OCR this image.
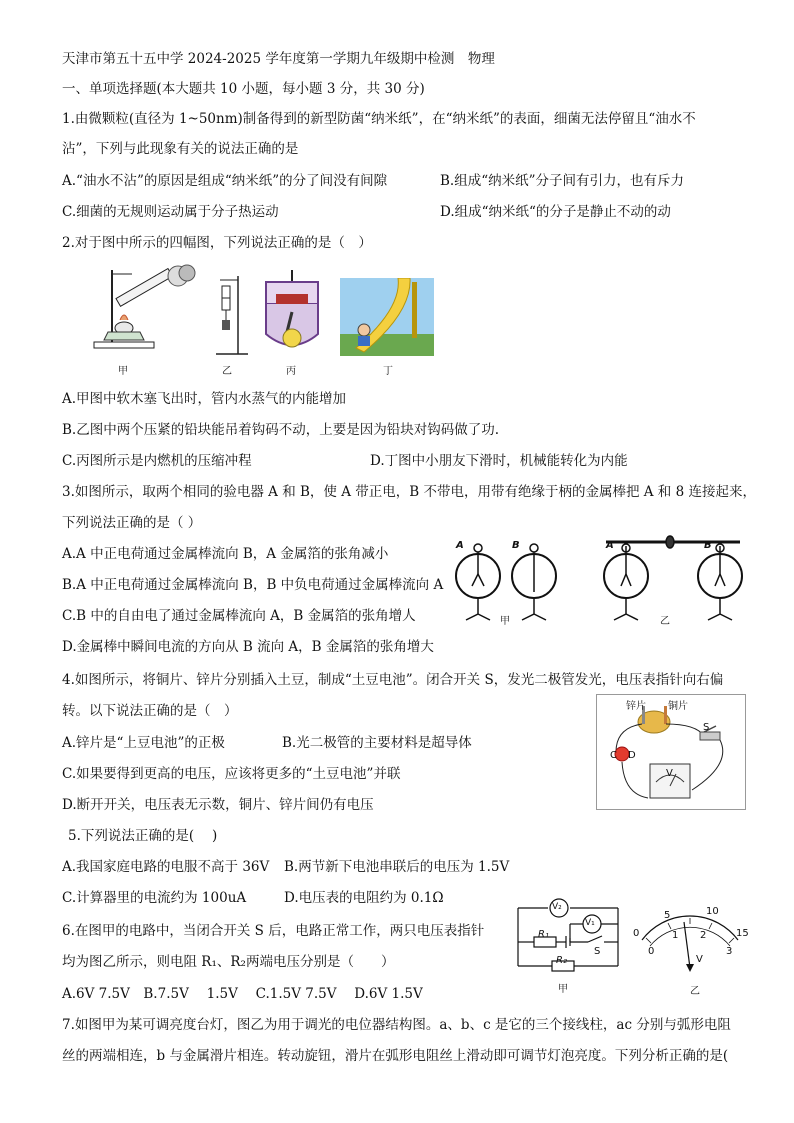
天津市第五十五中学 2024-2025 学年度第一学期九年级期中检测　物理
一、单项选择题(本大题共 10 小题，每小题 3 分，共 30 分)
1.由微颗粒(直径为 1~50nm)制备得到的新型防菌“纳米纸”，在“纳米纸”的表面，细菌无法停留且“油水不
沾”，下列与此现象有关的说法正确的是
A.“油水不沾”的原因是组成“纳米纸”的分了间没有间隙	B.组成“纳米纸”分子间有引力，也有斥力
C.细菌的无规则运动属于分子热运动	D.组成“纳米纸“的分子是静止不动的动
2.对于图中所示的四幅图，下列说法正确的是（　）
甲	乙	丙	丁
A.甲图中软木塞飞出时，管内水蒸气的内能增加
B.乙图中两个压紧的铅块能吊着钩码不动，上要是因为铅块对钩码做了功.
C.丙图所示是内燃机的压缩冲程	D.丁图中小朋友下滑时，机械能转化为内能
3.如图所示，取两个相同的验电器 A 和 B，使 A 带正电，B 不带电，用带有绝缘于柄的金属棒把 A 和 8 连接起来，
下列说法正确的是（ ）
A.A 中正电荷通过金属棒流向 B，A 金属箔的张角减小
B.A 中正电荷通过金属棒流向 B，B 中负电荷通过金属棒流向 A
C.B 中的自由电了通过金属棒流向 A，B 金属箔的张角增人
D.金属棒中瞬间电流的方向从 B 流向 A，B 金属箔的张角增大
A	B	A	B
甲	乙
4.如图所示，将铜片、锌片分别插入土豆，制成“土豆电池”。闭合开关 S，发光二极管发光，电压表指针向右偏
转。以下说法正确的是（　）
A.锌片是“上豆电池”的正极	B.光二极管的主要材料是超导体
C.如果要得到更高的电压，应该将更多的“土豆电池”并联
D.断开开关，电压表无示数，铜片、锌片间仍有电压
锌片 铜片
S
C D
V
5.下列说法正确的是(　 )
A.我国家庭电路的电服不高于 36V B.两节新下电池串联后的电压为 1.5V
C.计算器里的电流约为 100uA	D.电压表的电阻约为 0.1Ω
6.在图甲的电路中，当闭合开关 S 后，电路正常工作，两只电压表指针
均为图乙所示，则电阻 R₁、R₂两端电压分别是（　　）
A.6V 7.5V　B.7.5V　 1.5V　 C.1.5V 7.5V　 D.6V 1.5V
V₂
V₁
R₁
S
R₂
甲
0
5	10
15
0
1 2
3
V
乙
7.如图甲为某可调亮度台灯，图乙为用于调光的电位器结构图。a、b、c 是它的三个接线柱，ac 分别与弧形电阻
丝的两端相连，b 与金属滑片相连。转动旋钮，滑片在弧形电阻丝上滑动即可调节灯泡亮度。下列分析正确的是(
